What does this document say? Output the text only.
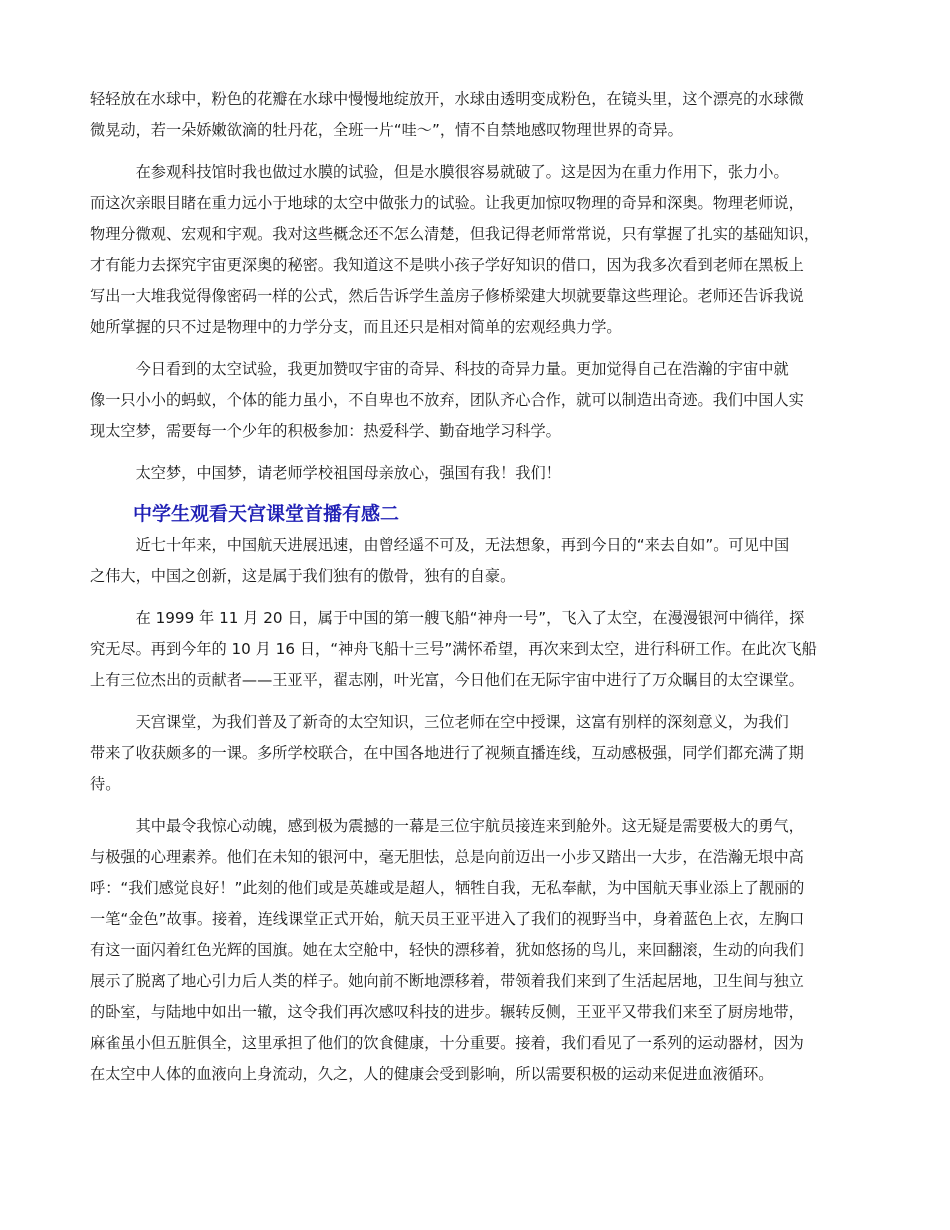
轻轻放在水球中，粉色的花瓣在水球中慢慢地绽放开，水球由透明变成粉色，在镜头里，这个漂亮的水球微
微晃动，若一朵娇嫩欲滴的牡丹花，全班一片“哇～”，情不自禁地感叹物理世界的奇异。

　　　在参观科技馆时我也做过水膜的试验，但是水膜很容易就破了。这是因为在重力作用下，张力小。
而这次亲眼目睹在重力远小于地球的太空中做张力的试验。让我更加惊叹物理的奇异和深奥。物理老师说，
物理分微观、宏观和宇观。我对这些概念还不怎么清楚，但我记得老师常常说，只有掌握了扎实的基础知识，
才有能力去探究宇宙更深奥的秘密。我知道这不是哄小孩子学好知识的借口，因为我多次看到老师在黑板上
写出一大堆我觉得像密码一样的公式，然后告诉学生盖房子修桥梁建大坝就要靠这些理论。老师还告诉我说
她所掌握的只不过是物理中的力学分支，而且还只是相对简单的宏观经典力学。

　　　今日看到的太空试验，我更加赞叹宇宙的奇异、科技的奇异力量。更加觉得自己在浩瀚的宇宙中就
像一只小小的蚂蚁，个体的能力虽小，不自卑也不放弃，团队齐心合作，就可以制造出奇迹。我们中国人实
现太空梦，需要每一个少年的积极参加：热爱科学、勤奋地学习科学。

　　　太空梦，中国梦，请老师学校祖国母亲放心，强国有我！我们！

中学生观看天宫课堂首播有感二

　　　近七十年来，中国航天进展迅速，由曾经遥不可及，无法想象，再到今日的“来去自如”。可见中国
之伟大，中国之创新，这是属于我们独有的傲骨，独有的自豪。

　　　在 1999 年 11 月 20 日，属于中国的第一艘飞船“神舟一号”，飞入了太空，在漫漫银河中徜徉，探
究无尽。再到今年的 10 月 16 日，“神舟飞船十三号”满怀希望，再次来到太空，进行科研工作。在此次飞船
上有三位杰出的贡献者——王亚平，翟志刚，叶光富，今日他们在无际宇宙中进行了万众瞩目的太空课堂。

　　　天宫课堂，为我们普及了新奇的太空知识，三位老师在空中授课，这富有别样的深刻意义，为我们
带来了收获颇多的一课。多所学校联合，在中国各地进行了视频直播连线，互动感极强，同学们都充满了期
待。

　　　其中最令我惊心动魄，感到极为震撼的一幕是三位宇航员接连来到舱外。这无疑是需要极大的勇气，
与极强的心理素养。他们在未知的银河中，毫无胆怯，总是向前迈出一小步又踏出一大步，在浩瀚无垠中高
呼：“我们感觉良好！”此刻的他们或是英雄或是超人，牺牲自我，无私奉献，为中国航天事业添上了靓丽的
一笔“金色”故事。接着，连线课堂正式开始，航天员王亚平进入了我们的视野当中，身着蓝色上衣，左胸口
有这一面闪着红色光辉的国旗。她在太空舱中，轻快的漂移着，犹如悠扬的鸟儿，来回翻滚，生动的向我们
展示了脱离了地心引力后人类的样子。她向前不断地漂移着，带领着我们来到了生活起居地，卫生间与独立
的卧室，与陆地中如出一辙，这令我们再次感叹科技的进步。辗转反侧，王亚平又带我们来至了厨房地带，
麻雀虽小但五脏俱全，这里承担了他们的饮食健康，十分重要。接着，我们看见了一系列的运动器材，因为
在太空中人体的血液向上身流动，久之，人的健康会受到影响，所以需要积极的运动来促进血液循环。
